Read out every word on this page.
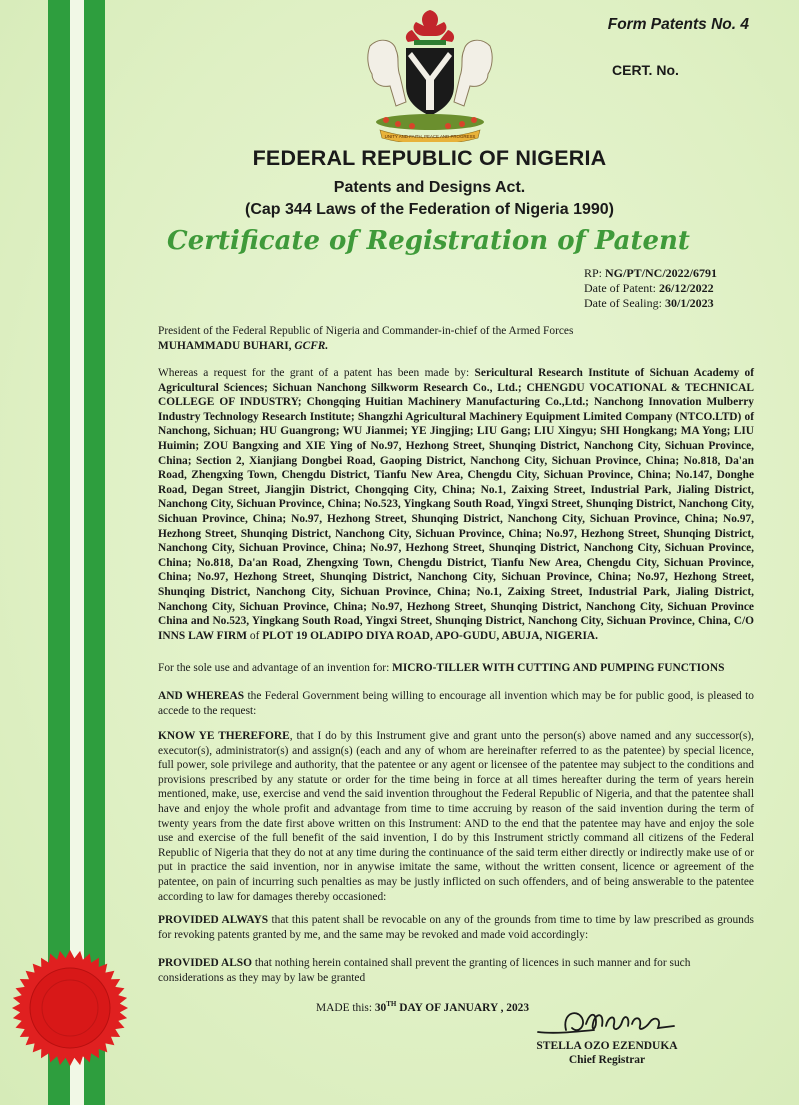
Form Patents No. 4
CERT. No.
UNITY AND FAITH, PEACE AND PROGRESS
FEDERAL REPUBLIC OF NIGERIA
Patents and Designs Act.
(Cap 344 Laws of the Federation of Nigeria 1990)
Certificate of Registration of Patent
RP: NG/PT/NC/2022/6791
Date of Patent: 26/12/2022
Date of Sealing: 30/1/2023

President of the Federal Republic of Nigeria and Commander-in-chief of the Armed Forces

MUHAMMADU BUHARI, GCFR.

Whereas a request for the grant of a patent has been made by: Sericultural Research Institute of Sichuan Academy of Agricultural Sciences; Sichuan Nanchong Silkworm Research Co., Ltd.; CHENGDU VOCATIONAL & TECHNICAL COLLEGE OF INDUSTRY; Chongqing Huitian Machinery Manufacturing Co.,Ltd.; Nanchong Innovation Mulberry Industry Technology Research Institute; Shangzhi Agricultural Machinery Equipment Limited Company (NTCO.LTD) of Nanchong, Sichuan; HU Guangrong; WU Jianmei; YE Jingjing; LIU Gang; LIU Xingyu; SHI Hongkang; MA Yong; LIU Huimin; ZOU Bangxing and XIE Ying of No.97, Hezhong Street, Shunqing District, Nanchong City, Sichuan Province, China; Section 2, Xianjiang Dongbei Road, Gaoping District, Nanchong City, Sichuan Province, China; No.818, Da'an Road, Zhengxing Town, Chengdu District, Tianfu New Area, Chengdu City, Sichuan Province, China; No.147, Donghe Road, Degan Street, Jiangjin District, Chongqing City, China; No.1, Zaixing Street, Industrial Park, Jialing District, Nanchong City, Sichuan Province, China; No.523, Yingkang South Road, Yingxi Street, Shunqing District, Nanchong City, Sichuan Province, China; No.97, Hezhong Street, Shunqing District, Nanchong City, Sichuan Province, China; No.97, Hezhong Street, Shunqing District, Nanchong City, Sichuan Province, China; No.97, Hezhong Street, Shunqing District, Nanchong City, Sichuan Province, China; No.97, Hezhong Street, Shunqing District, Nanchong City, Sichuan Province, China; No.818, Da'an Road, Zhengxing Town, Chengdu District, Tianfu New Area, Chengdu City, Sichuan Province, China; No.97, Hezhong Street, Shunqing District, Nanchong City, Sichuan Province, China; No.97, Hezhong Street, Shunqing District, Nanchong City, Sichuan Province, China; No.1, Zaixing Street, Industrial Park, Jialing District, Nanchong City, Sichuan Province, China; No.97, Hezhong Street, Shunqing District, Nanchong City, Sichuan Province China and No.523, Yingkang South Road, Yingxi Street, Shunqing District, Nanchong City, Sichuan Province, China, C/O INNS LAW FIRM of PLOT 19 OLADIPO DIYA ROAD, APO-GUDU, ABUJA, NIGERIA.

For the sole use and advantage of an invention for: MICRO-TILLER WITH CUTTING AND PUMPING FUNCTIONS

AND WHEREAS the Federal Government being willing to encourage all invention which may be for public good, is pleased to accede to the request:

KNOW YE THEREFORE, that I do by this Instrument give and grant unto the person(s) above named and any successor(s), executor(s), administrator(s) and assign(s) (each and any of whom are hereinafter referred to as the patentee) by special licence, full power, sole privilege and authority, that the patentee or any agent or licensee of the patentee may subject to the conditions and provisions prescribed by any statute or order for the time being in force at all times hereafter during the term of years herein mentioned, make, use, exercise and vend the said invention throughout the Federal Republic of Nigeria, and that the patentee shall have and enjoy the whole profit and advantage from time to time accruing by reason of the said invention during the term of twenty years from the date first above written on this Instrument: AND to the end that the patentee may have and enjoy the sole use and exercise of the full benefit of the said invention, I do by this Instrument strictly command all citizens of the Federal Republic of Nigeria that they do not at any time during the continuance of the said term either directly or indirectly make use of or put in practice the said invention, nor in anywise imitate the same, without the written consent, licence or agreement of the patentee, on pain of incurring such penalties as may be justly inflicted on such offenders, and of being answerable to the patentee according to law for damages thereby occasioned:

PROVIDED ALWAYS that this patent shall be revocable on any of the grounds from time to time by law prescribed as grounds for revoking patents granted by me, and the same may be revoked and made void accordingly:

PROVIDED ALSO that nothing herein contained shall prevent the granting of licences in such manner and for such considerations as they may by law be granted

MADE this: 30TH DAY OF JANUARY , 2023

STELLA OZO EZENDUKA
Chief Registrar
